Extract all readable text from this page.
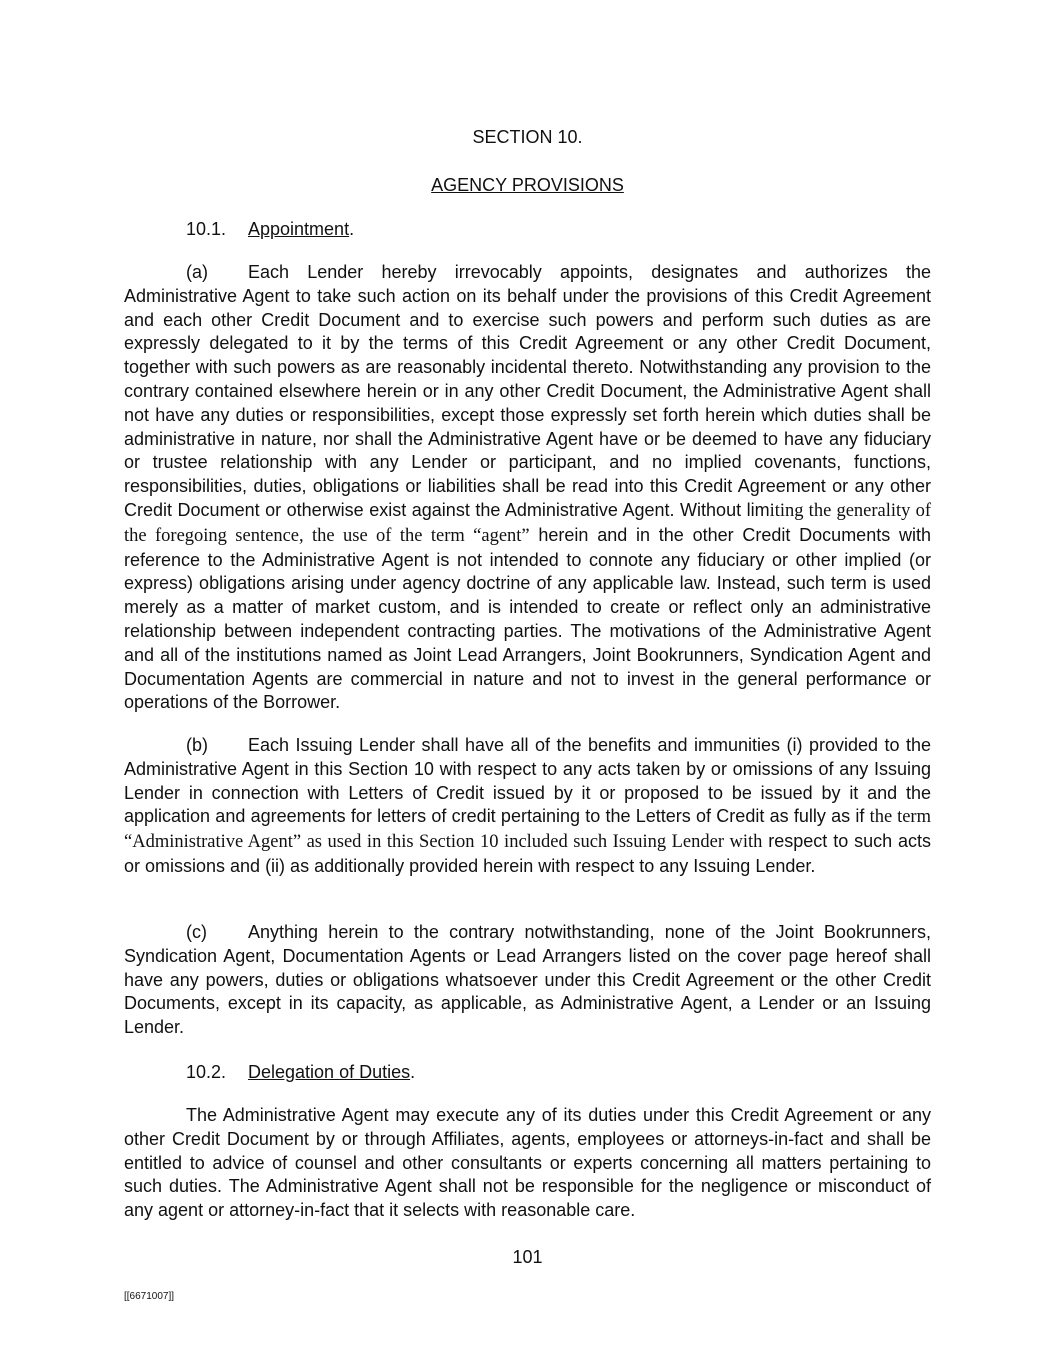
SECTION 10.
AGENCY PROVISIONS
10.1. Appointment.

(a) Each Lender hereby irrevocably appoints, designates and authorizes the Administrative Agent to take such action on its behalf under the provisions of this Credit Agreement and each other Credit Document and to exercise such powers and perform such duties as are expressly delegated to it by the terms of this Credit Agreement or any other Credit Document, together with such powers as are reasonably incidental thereto. Notwithstanding any provision to the contrary contained elsewhere herein or in any other Credit Document, the Administrative Agent shall not have any duties or responsibilities, except those expressly set forth herein which duties shall be administrative in nature, nor shall the Administrative Agent have or be deemed to have any fiduciary or trustee relationship with any Lender or participant, and no implied covenants, functions, responsibilities, duties, obligations or liabilities shall be read into this Credit Agreement or any other Credit Document or otherwise exist against the Administrative Agent. Without limiting the generality of the foregoing sentence, the use of the term “agent” herein and in the other Credit Documents with reference to the Administrative Agent is not intended to connote any fiduciary or other implied (or express) obligations arising under agency doctrine of any applicable law. Instead, such term is used merely as a matter of market custom, and is intended to create or reflect only an administrative relationship between independent contracting parties. The motivations of the Administrative Agent and all of the institutions named as Joint Lead Arrangers, Joint Bookrunners, Syndication Agent and Documentation Agents are commercial in nature and not to invest in the general performance or operations of the Borrower.

(b) Each Issuing Lender shall have all of the benefits and immunities (i) provided to the Administrative Agent in this Section 10 with respect to any acts taken by or omissions of any Issuing Lender in connection with Letters of Credit issued by it or proposed to be issued by it and the application and agreements for letters of credit pertaining to the Letters of Credit as fully as if the term “Administrative Agent” as used in this Section 10 included such Issuing Lender with respect to such acts or omissions and (ii) as additionally provided herein with respect to any Issuing Lender.

(c) Anything herein to the contrary notwithstanding, none of the Joint Bookrunners, Syndication Agent, Documentation Agents or Lead Arrangers listed on the cover page hereof shall have any powers, duties or obligations whatsoever under this Credit Agreement or the other Credit Documents, except in its capacity, as applicable, as Administrative Agent, a Lender or an Issuing Lender.

10.2. Delegation of Duties.

The Administrative Agent may execute any of its duties under this Credit Agreement or any other Credit Document by or through Affiliates, agents, employees or attorneys-in-fact and shall be entitled to advice of counsel and other consultants or experts concerning all matters pertaining to such duties. The Administrative Agent shall not be responsible for the negligence or misconduct of any agent or attorney-in-fact that it selects with reasonable care.

101
[[6671007]]
